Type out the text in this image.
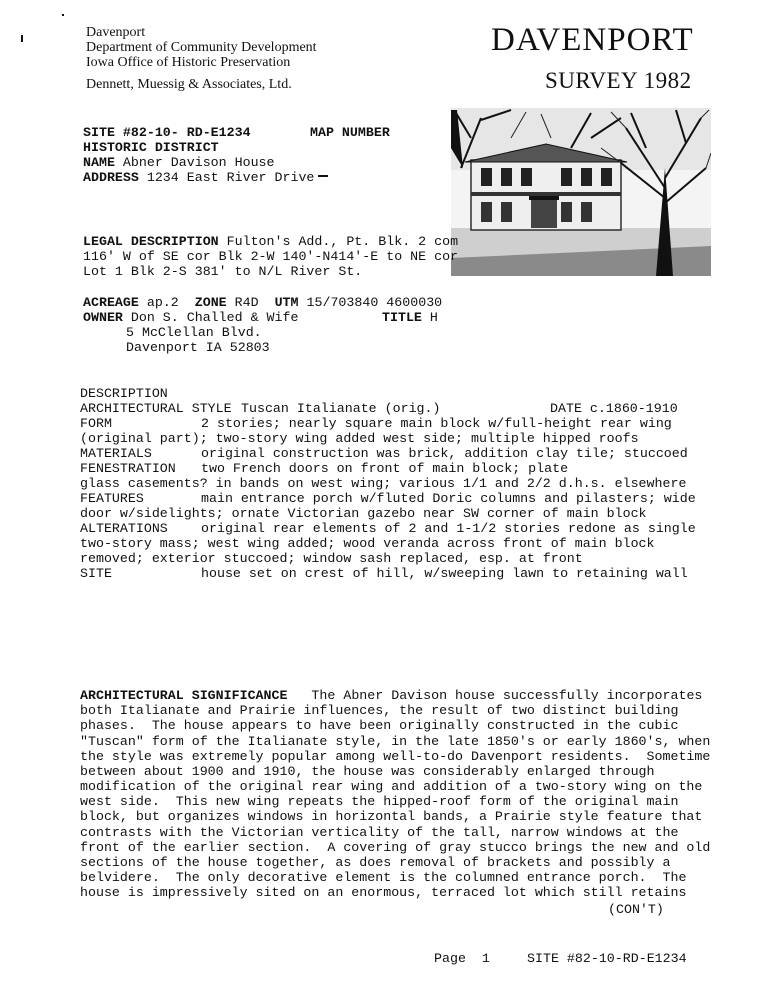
Davenport
Department of Community Development
Iowa Office of Historic Preservation
Dennett, Muessig & Associates, Ltd.
DAVENPORT
SURVEY 1982
SITE #82-10- RD-E1234	MAP NUMBER
HISTORIC DISTRICT
NAME Abner Davison House
ADDRESS 1234 East River Drive
LEGAL DESCRIPTION Fulton's Add., Pt. Blk. 2 com
116' W of SE cor Blk 2-W 140'-N414'-E to NE cor
Lot 1 Blk 2-S 381' to N/L River St.
ACREAGE ap.2 ZONE R4D UTM 15/703840 4600030
OWNER Don S. Challed & Wife	TITLE H
5 McClellan Blvd.
Davenport IA 52803
DESCRIPTION
ARCHITECTURAL STYLE Tuscan Italianate (orig.)	DATE c.1860-1910
FORM	2 stories; nearly square main block w/full-height rear wing
(original part); two-story wing added west side; multiple hipped roofs
MATERIALS	original construction was brick, addition clay tile; stuccoed
FENESTRATION two French doors on front of main block; plate
glass casements? in bands on west wing; various 1/1 and 2/2 d.h.s. elsewhere
FEATURES	main entrance porch w/fluted Doric columns and pilasters; wide
door w/sidelights; ornate Victorian gazebo near SW corner of main block
ALTERATIONS original rear elements of 2 and 1-1/2 stories redone as single
two-story mass; west wing added; wood veranda across front of main block
removed; exterior stuccoed; window sash replaced, esp. at front
SITE	house set on crest of hill, w/sweeping lawn to retaining wall
ARCHITECTURAL SIGNIFICANCE The Abner Davison house successfully incorporates
both Italianate and Prairie influences, the result of two distinct building
phases.  The house appears to have been originally constructed in the cubic
"Tuscan" form of the Italianate style, in the late 1850's or early 1860's, when
the style was extremely popular among well-to-do Davenport residents.  Sometime
between about 1900 and 1910, the house was considerably enlarged through
modification of the original rear wing and addition of a two-story wing on the
west side.  This new wing repeats the hipped-roof form of the original main
block, but organizes windows in horizontal bands, a Prairie style feature that
contrasts with the Victorian verticality of the tall, narrow windows at the
front of the earlier section.  A covering of gray stucco brings the new and old
sections of the house together, as does removal of brackets and possibly a
belvidere.  The only decorative element is the columned entrance porch.  The
house is impressively sited on an enormous, terraced lot which still retains
(CON'T)
Page 1	SITE #82-10-RD-E1234
